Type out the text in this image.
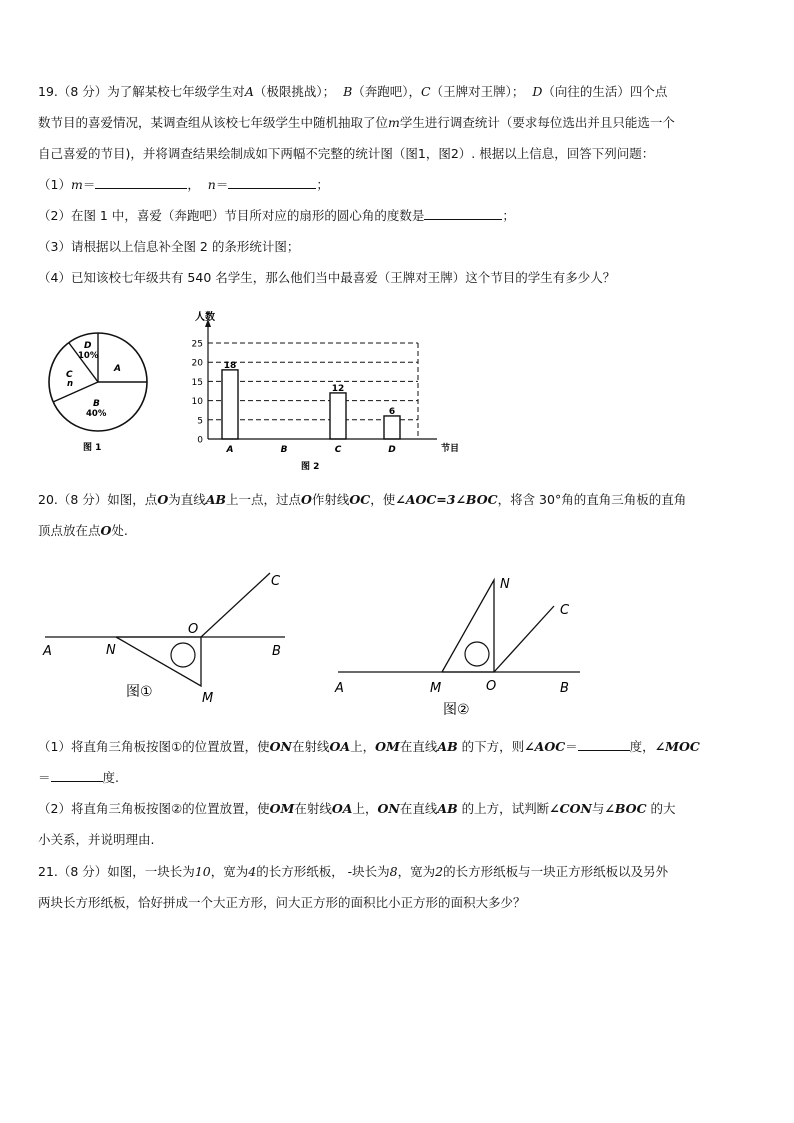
19.（8 分）为了解某校七年级学生对A（极限挑战）； B（奔跑吧），C（王牌对王牌）； D（向往的生活）四个点
数节目的喜爱情况，某调查组从该校七年级学生中随机抽取了位m学生进行调查统计（要求每位选出并且只能选一个
自己喜爱的节目)，并将调查结果绘制成如下两幅不完整的统计图（图1，图2）. 根据以上信息，回答下列问题：
（1）m＝	， n＝	；
（2）在图 1 中，喜爱（奔跑吧）节目所对应的扇形的圆心角的度数是	；
（3）请根据以上信息补全图 2 的条形统计图；
（4）已知该校七年级共有 540 名学生，那么他们当中最喜爱（王牌对王牌）这个节目的学生有多少人？
A
B
40%
C
n
D
10%
图 1
18
12
6
0
5
10
15
20
25
A	B	C	D
人数
节目
图 2
20.（8 分）如图，点O为直线AB上一点，过点O作射线OC，使∠AOC=3∠BOC，将含 30°角的直角三角板的直角
顶点放在点O处.
A	N
O
B
C
M
图①	A	M	O	B
C
N
图②
（1）将直角三角板按图①的位置放置，使ON在射线OA上，OM在直线AB 的下方，则∠AOC＝	度，∠MOC
＝	度.
（2）将直角三角板按图②的位置放置，使OM在射线OA上，ON在直线AB 的上方，试判断∠CON与∠BOC 的大
小关系，并说明理由.
21.（8 分）如图，一块长为10，宽为4的长方形纸板， -块长为8，宽为2的长方形纸板与一块正方形纸板以及另外
两块长方形纸板，恰好拼成一个大正方形，问大正方形的面积比小正方形的面积大多少？
